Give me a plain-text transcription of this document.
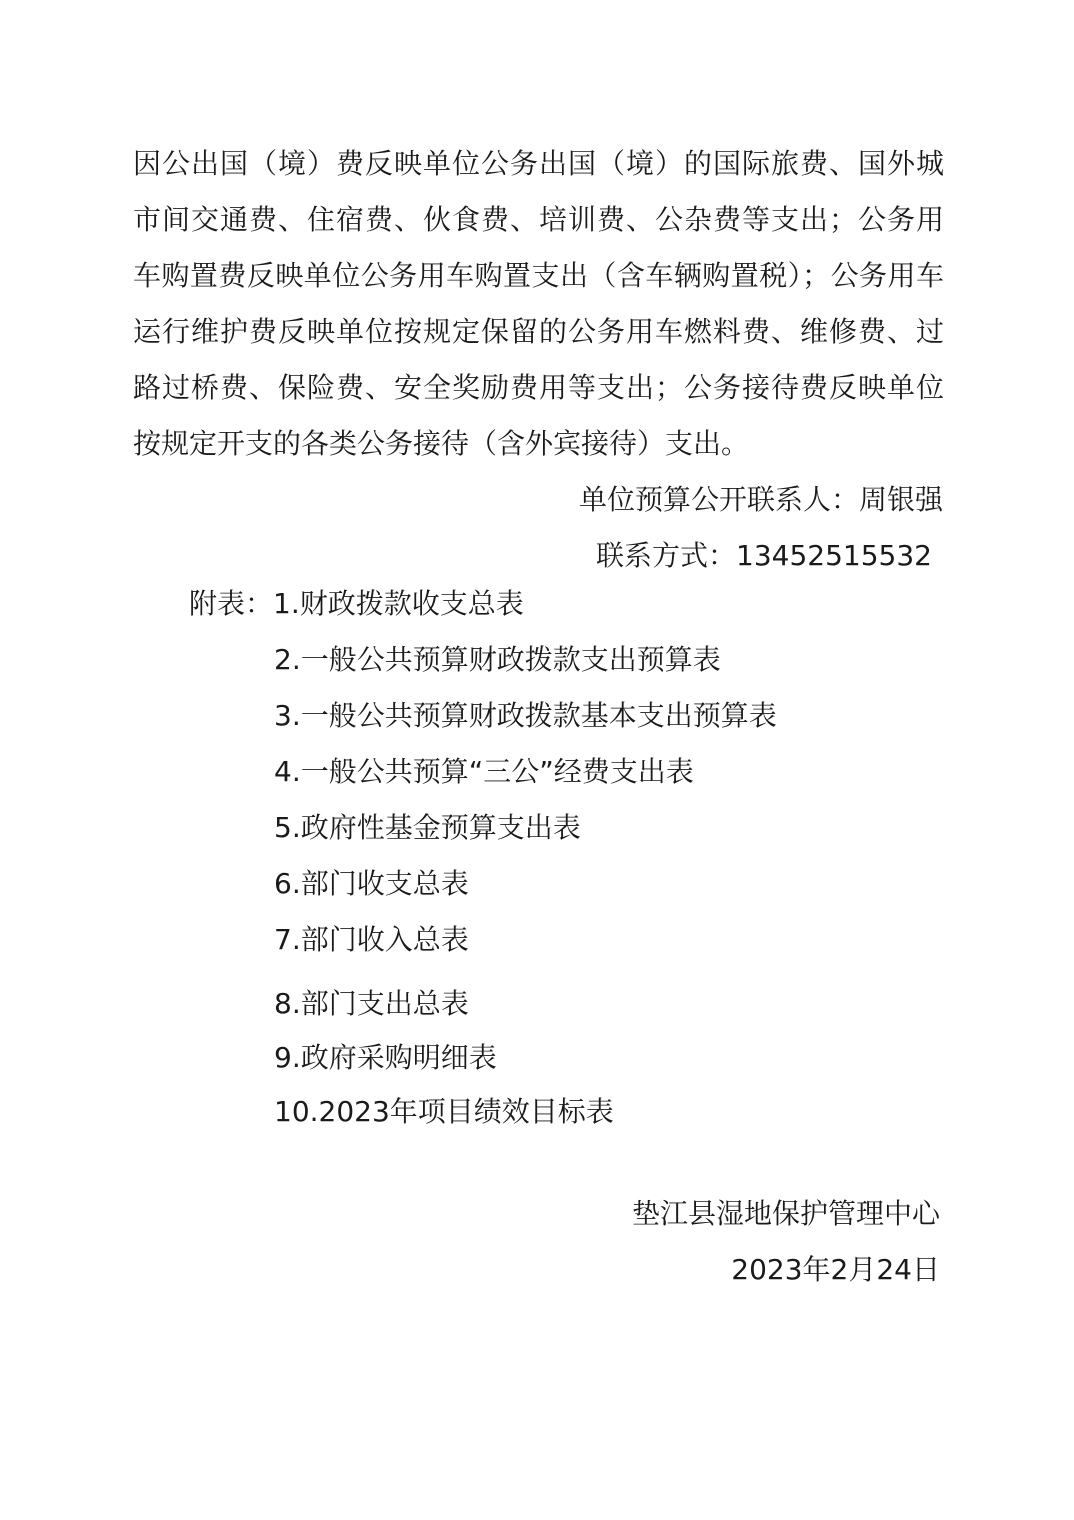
因公出国（境）费反映单位公务出国（境）的国际旅费、国外城
市间交通费、住宿费、伙食费、培训费、公杂费等支出；公务用
车购置费反映单位公务用车购置支出（含车辆购置税）；公务用车
运行维护费反映单位按规定保留的公务用车燃料费、维修费、过
路过桥费、保险费、安全奖励费用等支出；公务接待费反映单位
按规定开支的各类公务接待（含外宾接待）支出。
单位预算公开联系人：周银强
联系方式：13452515532
附表：1.财政拨款收支总表
2.一般公共预算财政拨款支出预算表
3.一般公共预算财政拨款基本支出预算表
4.一般公共预算“三公”经费支出表
5.政府性基金预算支出表
6.部门收支总表
7.部门收入总表
8.部门支出总表
9.政府采购明细表
10.2023年项目绩效目标表
垫江县湿地保护管理中心
2023年2月24日
